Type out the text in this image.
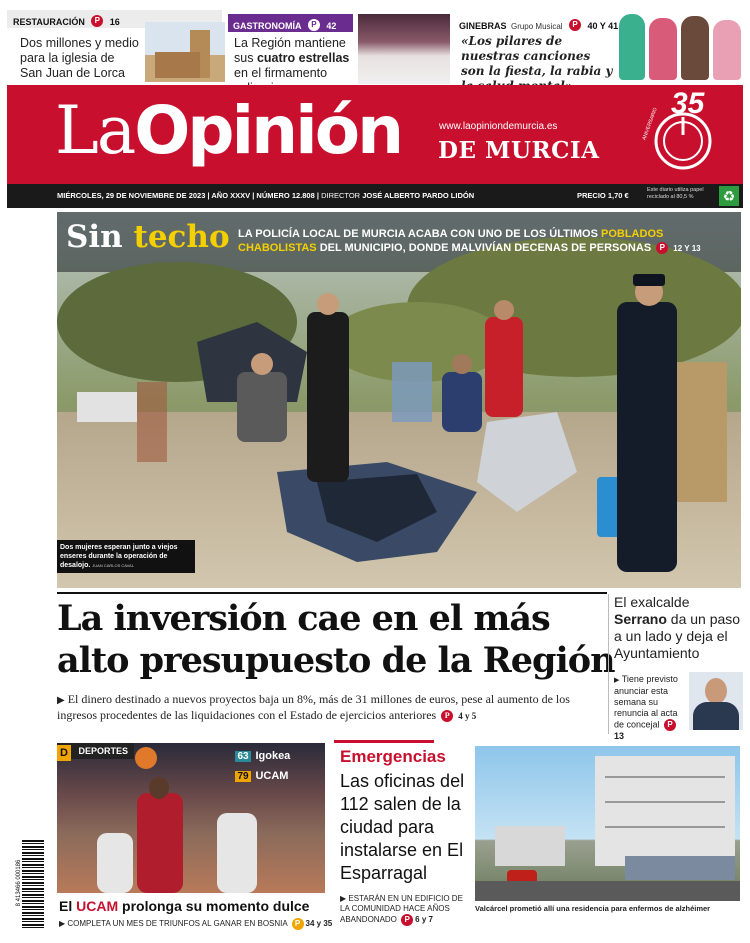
RESTAURACIÓN P 16
Dos millones y medio para la iglesia de San Juan de Lorca
GASTRONOMÍA P 42
La Región mantiene sus cuatro estrellas en el firmamento
GINEBRAS Grupo Musical P 40 Y 41
«Los pilares de nuestras canciones son la fiesta, la rabia y
LaOpinión	www.laopiniondemurcia.es
DE MURCIA
35
ANIVERSARIO
MIÉRCOLES, 29 DE NOVIEMBRE DE 2023 | AÑO XXXV | NÚMERO 12.808 | DIRECTOR JOSÉ ALBERTO PARDO LIDÓN	PRECIO 1,70 €
Este diario utiliza papel reciclado al 80,5 %	♻
Sin techo LA POLICÍA LOCAL DE MURCIA ACABA CON UNO DE LOS ÚLTIMOS POBLADOS CHABOLISTAS DEL MUNICIPIO, DONDE MALVIVÍAN DECENAS DE PERSONAS P 12 Y 13
Dos mujeres esperan junto a viejos enseres durante la operación de desalojo. JUAN CARLOS CAVAL
La inversión cae en el más
alto presupuesto de la Región
▶ El dinero destinado a nuevos proyectos baja un 8%, más de 31 millones de euros, pese al aumento de los ingresos procedentes de las liquidaciones con el Estado de ejercicios anteriores P 4 y 5
El exalcalde Serrano da un paso a un lado y deja el Ayuntamiento
▶ Tiene previsto anunciar esta semana su renuncia al acta de concejal P 13
D $^{DEPORTES}$	63 Igokea
79 UCAM
El UCAM prolonga su momento dulce
▶ COMPLETA UN MES DE TRIUNFOS AL GANAR EN BOSNIA P 34 y 35
8 413466 000186
Emergencias
Las oficinas del 112 salen de la ciudad para instalarse en El Esparragal
▶ ESTARÁN EN UN EDIFICIO DE LA COMUNIDAD HACE AÑOS ABANDONADO P 6 y 7
Valcárcel prometió allí una residencia para enfermos de alzhéimer
